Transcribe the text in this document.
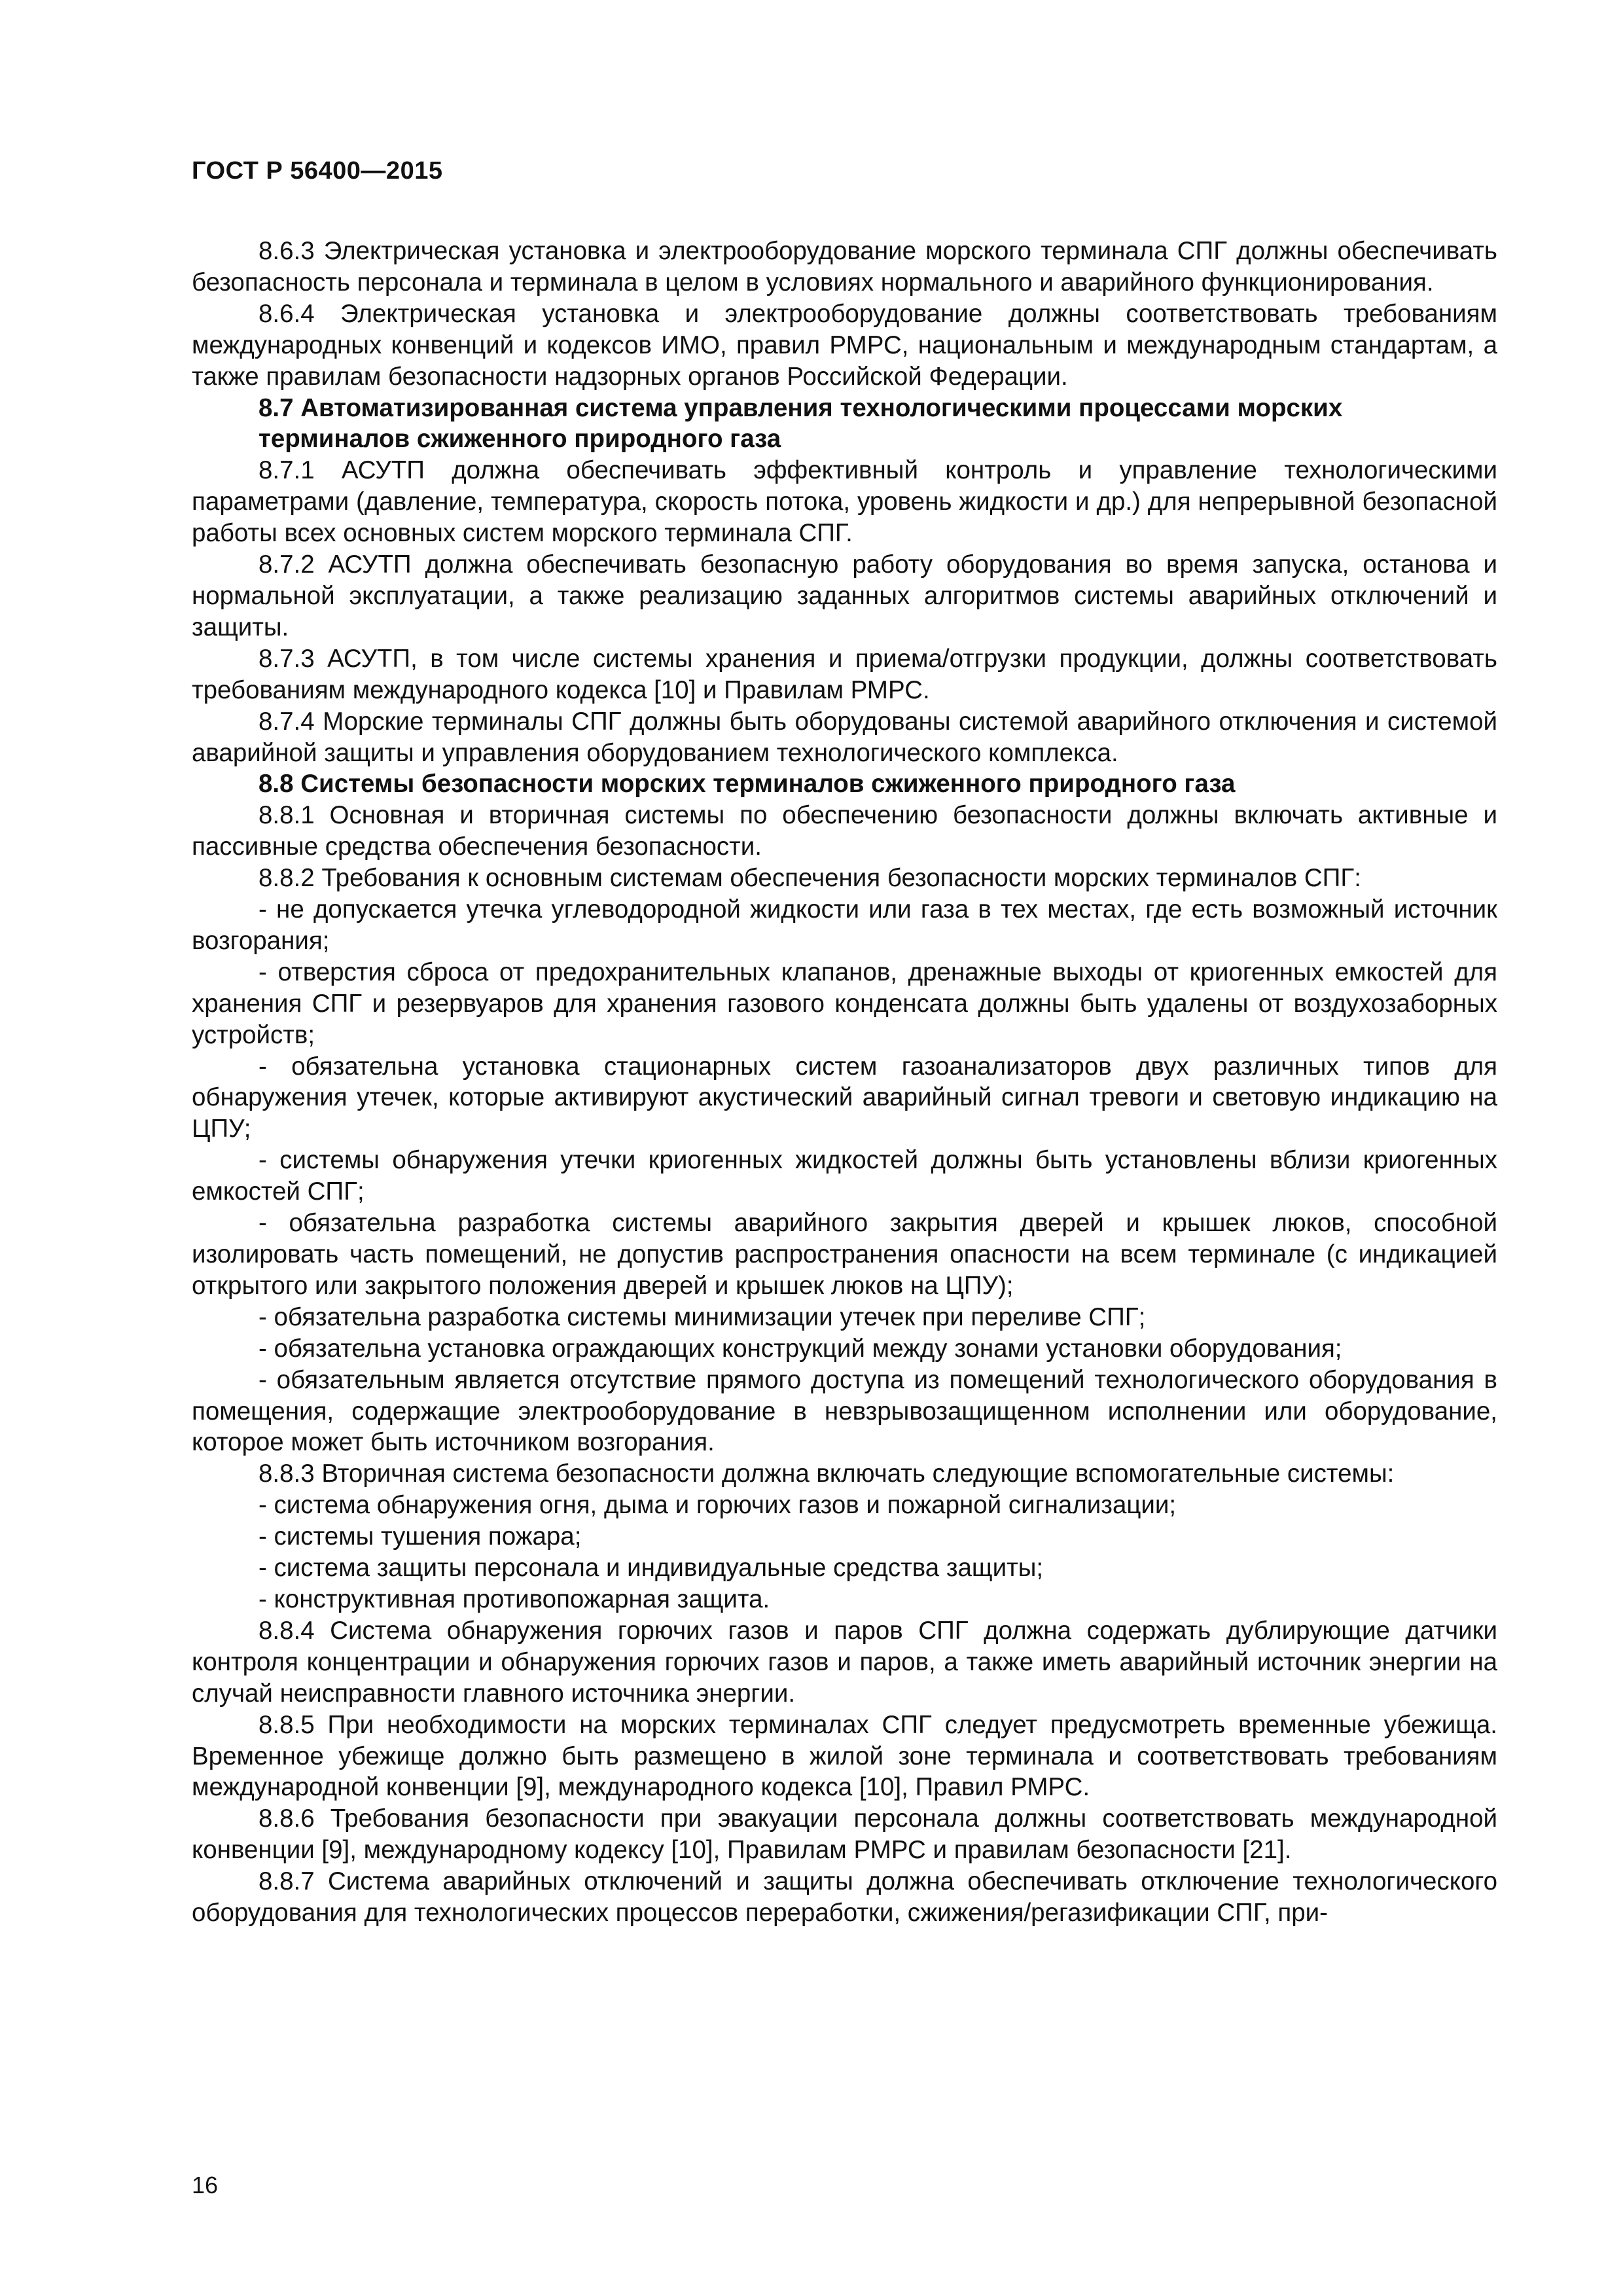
ГОСТ Р 56400—2015

8.6.3 Электрическая установка и электрооборудование морского терминала СПГ должны обеспечивать безопасность персонала и терминала в целом в условиях нормального и аварийного функционирования.

8.6.4 Электрическая установка и электрооборудование должны соответствовать требованиям международных конвенций и кодексов ИМО, правил РМРС, национальным и международным стандартам, а также правилам безопасности надзорных органов Российской Федерации.

8.7 Автоматизированная система управления технологическими процессами морских терминалов сжиженного природного газа

8.7.1 АСУТП должна обеспечивать эффективный контроль и управление технологическими параметрами (давление, температура, скорость потока, уровень жидкости и др.) для непрерывной безопасной работы всех основных систем морского терминала СПГ.

8.7.2 АСУТП должна обеспечивать безопасную работу оборудования во время запуска, останова и нормальной эксплуатации, а также реализацию заданных алгоритмов системы аварийных отключений и защиты.

8.7.3 АСУТП, в том числе системы хранения и приема/отгрузки продукции, должны соответствовать требованиям международного кодекса [10] и Правилам РМРС.

8.7.4 Морские терминалы СПГ должны быть оборудованы системой аварийного отключения и системой аварийной защиты и управления оборудованием технологического комплекса.

8.8 Системы безопасности морских терминалов сжиженного природного газа

8.8.1 Основная и вторичная системы по обеспечению безопасности должны включать активные и пассивные средства обеспечения безопасности.

8.8.2 Требования к основным системам обеспечения безопасности морских терминалов СПГ:

- не допускается утечка углеводородной жидкости или газа в тех местах, где есть возможный источник возгорания;

- отверстия сброса от предохранительных клапанов, дренажные выходы от криогенных емкостей для хранения СПГ и резервуаров для хранения газового конденсата должны быть удалены от воздухозаборных устройств;

- обязательна установка стационарных систем газоанализаторов двух различных типов для обнаружения утечек, которые активируют акустический аварийный сигнал тревоги и световую индикацию на ЦПУ;

- системы обнаружения утечки криогенных жидкостей должны быть установлены вблизи криогенных емкостей СПГ;

- обязательна разработка системы аварийного закрытия дверей и крышек люков, способной изолировать часть помещений, не допустив распространения опасности на всем терминале (с индикацией открытого или закрытого положения дверей и крышек люков на ЦПУ);

- обязательна разработка системы минимизации утечек при переливе СПГ;

- обязательна установка ограждающих конструкций между зонами установки оборудования;

- обязательным является отсутствие прямого доступа из помещений технологического оборудования в помещения, содержащие электрооборудование в невзрывозащищенном исполнении или оборудование, которое может быть источником возгорания.

8.8.3 Вторичная система безопасности должна включать следующие вспомогательные системы:

- система обнаружения огня, дыма и горючих газов и пожарной сигнализации;

- системы тушения пожара;

- система защиты персонала и индивидуальные средства защиты;

- конструктивная противопожарная защита.

8.8.4 Система обнаружения горючих газов и паров СПГ должна содержать дублирующие датчики контроля концентрации и обнаружения горючих газов и паров, а также иметь аварийный источник энергии на случай неисправности главного источника энергии.

8.8.5 При необходимости на морских терминалах СПГ следует предусмотреть временные убежища. Временное убежище должно быть размещено в жилой зоне терминала и соответствовать требованиям международной конвенции [9], международного кодекса [10], Правил РМРС.

8.8.6 Требования безопасности при эвакуации персонала должны соответствовать международной конвенции [9], международному кодексу [10], Правилам РМРС и правилам безопасности [21].

8.8.7 Система аварийных отключений и защиты должна обеспечивать отключение технологического оборудования для технологических процессов переработки, сжижения/регазификации СПГ, при-

16
